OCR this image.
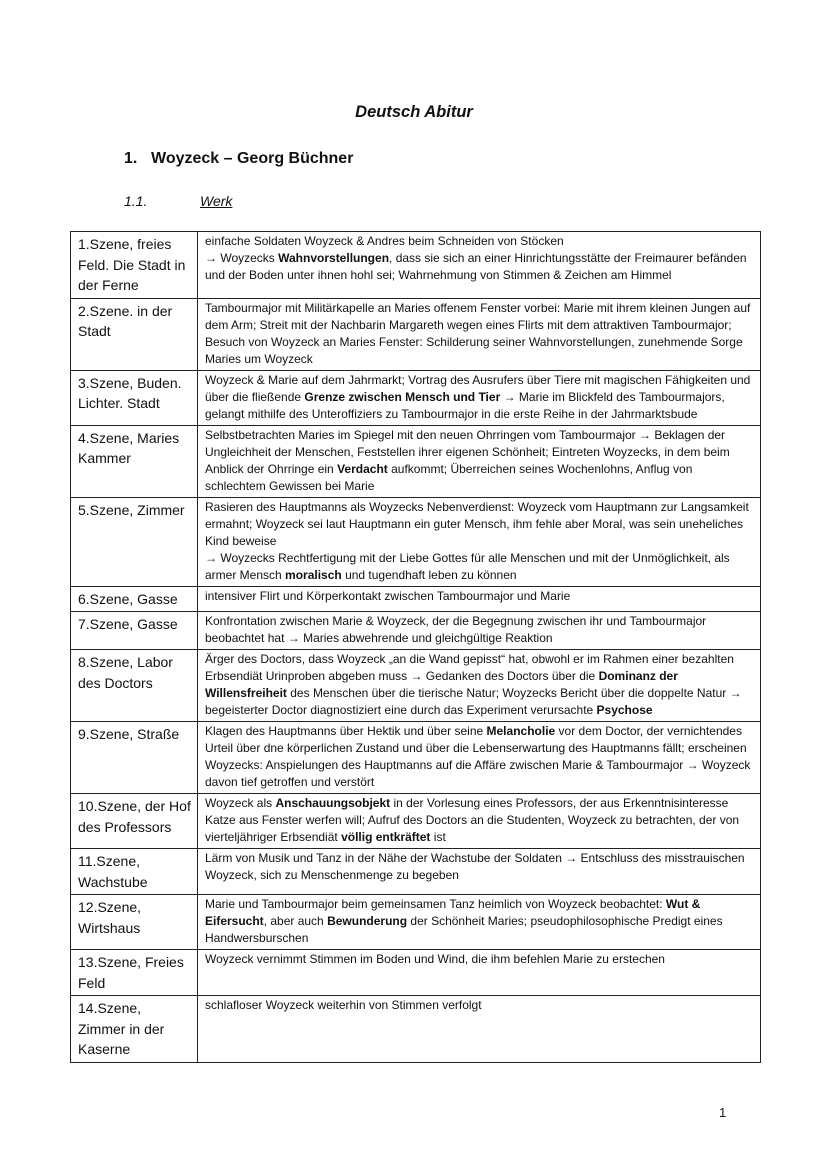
Deutsch Abitur
1. Woyzeck – Georg Büchner
1.1.	Werk
1.Szene, freies Feld. Die Stadt in der Ferne	einfache Soldaten Woyzeck & Andres beim Schneiden von Stöcken
→ Woyzecks Wahnvorstellungen, dass sie sich an einer Hinrichtungsstätte der Freimaurer befänden und der Boden unter ihnen hohl sei; Wahrnehmung von Stimmen & Zeichen am Himmel
2.Szene. in der Stadt	Tambourmajor mit Militärkapelle an Maries offenem Fenster vorbei: Marie mit ihrem kleinen Jungen auf dem Arm; Streit mit der Nachbarin Margareth wegen eines Flirts mit dem attraktiven Tambourmajor; Besuch von Woyzeck an Maries Fenster: Schilderung seiner Wahnvorstellungen, zunehmende Sorge Maries um Woyzeck
3.Szene, Buden. Lichter. Stadt	Woyzeck & Marie auf dem Jahrmarkt; Vortrag des Ausrufers über Tiere mit magischen Fähigkeiten und über die fließende Grenze zwischen Mensch und Tier → Marie im Blickfeld des Tambourmajors, gelangt mithilfe des Unteroffiziers zu Tambourmajor in die erste Reihe in der Jahrmarktsbude
4.Szene, Maries Kammer	Selbstbetrachten Maries im Spiegel mit den neuen Ohrringen vom Tambourmajor → Beklagen der Ungleichheit der Menschen, Feststellen ihrer eigenen Schönheit; Eintreten Woyzecks, in dem beim Anblick der Ohrringe ein Verdacht aufkommt; Überreichen seines Wochenlohns, Anflug von schlechtem Gewissen bei Marie
5.Szene, Zimmer	Rasieren des Hauptmanns als Woyzecks Nebenverdienst: Woyzeck vom Hauptmann zur Langsamkeit ermahnt; Woyzeck sei laut Hauptmann ein guter Mensch, ihm fehle aber Moral, was sein uneheliches Kind beweise
→ Woyzecks Rechtfertigung mit der Liebe Gottes für alle Menschen und mit der Unmöglichkeit, als armer Mensch moralisch und tugendhaft leben zu können
6.Szene, Gasse	intensiver Flirt und Körperkontakt zwischen Tambourmajor und Marie
7.Szene, Gasse	Konfrontation zwischen Marie & Woyzeck, der die Begegnung zwischen ihr und Tambourmajor beobachtet hat → Maries abwehrende und gleichgültige Reaktion
8.Szene, Labor des Doctors	Ärger des Doctors, dass Woyzeck „an die Wand gepisst“ hat, obwohl er im Rahmen einer bezahlten Erbsendiät Urinproben abgeben muss → Gedanken des Doctors über die Dominanz der Willensfreiheit des Menschen über die tierische Natur; Woyzecks Bericht über die doppelte Natur → begeisterter Doctor diagnostiziert eine durch das Experiment verursachte Psychose
9.Szene, Straße	Klagen des Hauptmanns über Hektik und über seine Melancholie vor dem Doctor, der vernichtendes Urteil über dne körperlichen Zustand und über die Lebenserwartung des Hauptmanns fällt; erscheinen Woyzecks: Anspielungen des Hauptmanns auf die Affäre zwischen Marie & Tambourmajor → Woyzeck davon tief getroffen und verstört
10.Szene, der Hof des Professors	Woyzeck als Anschauungsobjekt in der Vorlesung eines Professors, der aus Erkenntnisinteresse Katze aus Fenster werfen will; Aufruf des Doctors an die Studenten, Woyzeck zu betrachten, der von vierteljähriger Erbsendiät völlig entkräftet ist
11.Szene, Wachstube	Lärm von Musik und Tanz in der Nähe der Wachstube der Soldaten → Entschluss des misstrauischen Woyzeck, sich zu Menschenmenge zu begeben
12.Szene, Wirtshaus	Marie und Tambourmajor beim gemeinsamen Tanz heimlich von Woyzeck beobachtet: Wut & Eifersucht, aber auch Bewunderung der Schönheit Maries; pseudophilosophische Predigt eines Handwersburschen
13.Szene, Freies Feld	Woyzeck vernimmt Stimmen im Boden und Wind, die ihm befehlen Marie zu erstechen
14.Szene, Zimmer in der Kaserne	schlafloser Woyzeck weiterhin von Stimmen verfolgt
1
